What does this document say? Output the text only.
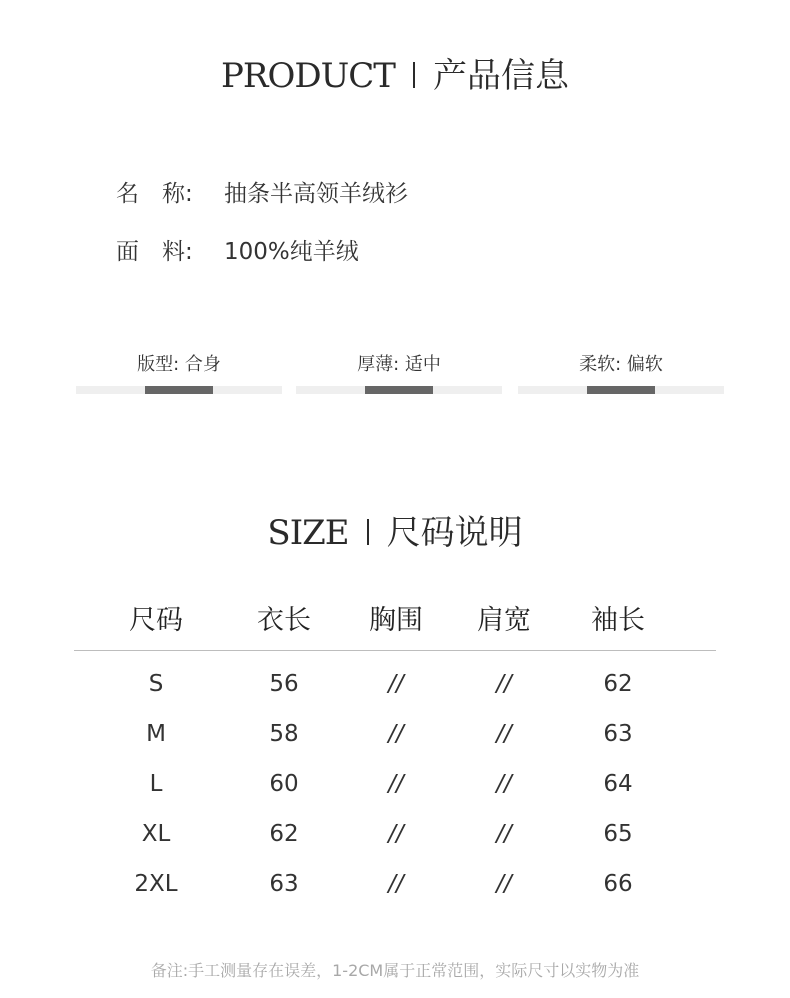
PRODUCT 产品信息
名　称: 抽条半高领羊绒衫
面　料: 100%纯羊绒
版型: 合身	厚薄: 适中	柔软: 偏软
SIZE 尺码说明
尺码	衣长 胸围 肩宽 袖长
S	56	//	//	62
M	58	//	//	63
L	60	//	//	64
XL	62	//	//	65
2XL	63	//	//	66
备注:手工测量存在误差，1-2CM属于正常范围，实际尺寸以实物为准
